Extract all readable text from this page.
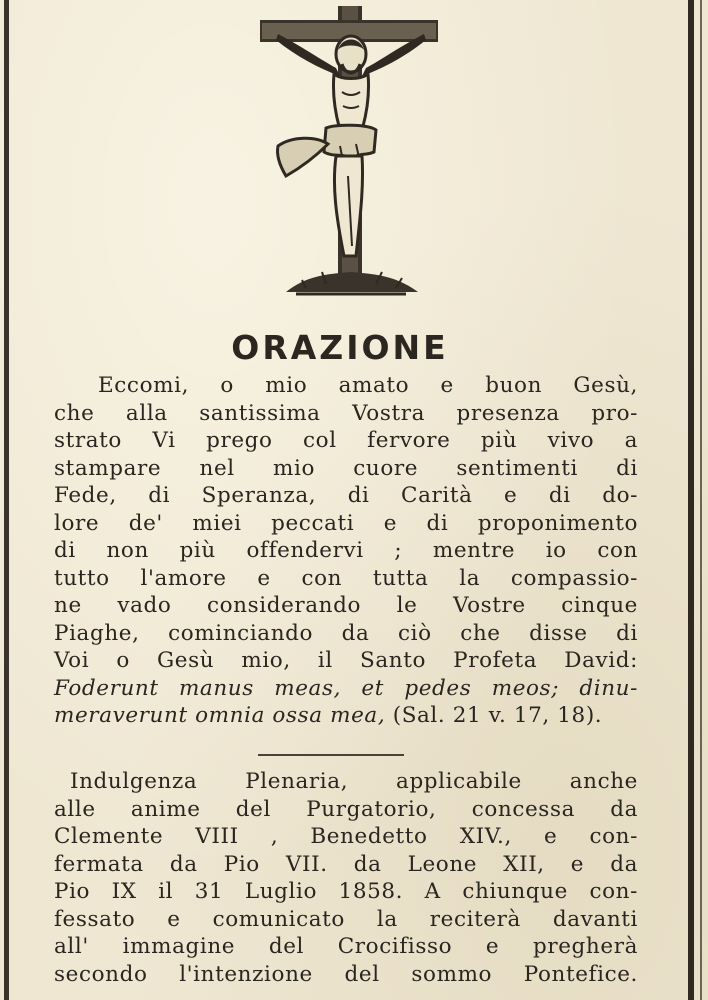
ORAZIONE
Eccomi, o mio amato e buon Gesù,
che alla santissima Vostra presenza pro-
strato Vi prego col fervore più vivo a
stampare nel mio cuore sentimenti di
Fede, di Speranza, di Carità e di do-
lore de' miei peccati e di proponimento
di non più offendervi ; mentre io con
tutto l'amore e con tutta la compassio-
ne vado considerando le Vostre cinque
Piaghe, cominciando da ciò che disse di
Voi o Gesù mio, il Santo Profeta David:
Foderunt manus meas, et pedes meos; dinu-
meraverunt omnia ossa mea, (Sal. 21 v. 17, 18).
Indulgenza Plenaria, applicabile anche
alle anime del Purgatorio, concessa da
Clemente VIII , Benedetto XIV., e con-
fermata da Pio VII. da Leone XII, e da
Pio IX il 31 Luglio 1858. A chiunque con-
fessato e comunicato la reciterà davanti
all' immagine del Crocifisso e pregherà
secondo l'intenzione del sommo Pontefice.
